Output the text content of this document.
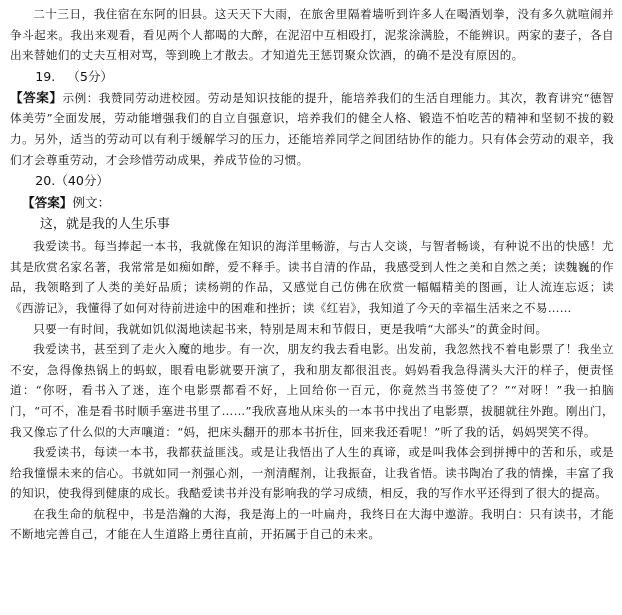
二十三日，我住宿在东阿的旧县。这天天下大雨，在旅舍里隔着墙听到许多人在喝酒划拳，没有多久就喧闹并争斗起来。我出来观看，看见两个人都喝的大醉，在泥沼中互相殴打，泥浆涂满脸，不能辨识。两家的妻子，各自出来替她们的丈夫互相对骂，等到晚上才散去。才知道先王惩罚聚众饮酒，的确不是没有原因的。

19. （5分）

【答案】示例：我赞同劳动进校园。劳动是知识技能的提升，能培养我们的生活自理能力。其次，教育讲究“德智体美劳”全面发展，劳动能增强我们的自立自强意识，培养我们的健全人格、锻造不怕吃苦的精神和坚韧不拔的毅力。另外，适当的劳动可以有利于缓解学习的压力，还能培养同学之间团结协作的能力。只有体会劳动的艰辛，我们才会尊重劳动，才会珍惜劳动成果，养成节俭的习惯。

20.（40分）

【答案】例文：

这，就是我的人生乐事

我爱读书。每当捧起一本书，我就像在知识的海洋里畅游，与古人交谈，与智者畅谈，有种说不出的快感！尤其是欣赏名家名著，我常常是如痴如醉，爱不释手。读书自清的作品，我感受到人性之美和自然之美；读魏巍的作品，我领略到了人类的美好品质；读杨朔的作品，又感觉自己仿佛在欣赏一幅幅精美的图画，让人流连忘返；读《西游记》，我懂得了如何对待前进途中的困难和挫折；读《红岩》，我知道了今天的幸福生活来之不易……

只要一有时间，我就如饥似渴地读起书来，特别是周末和节假日，更是我啃“大部头”的黄金时间。

我爱读书，甚至到了走火入魔的地步。有一次，朋友约我去看电影。出发前，我忽然找不着电影票了！我坐立不安，急得像热锅上的蚂蚁，眼看电影就要开演了，我和朋友都很沮丧。妈妈看我急得满头大汗的样子，便责怪道：“你呀，看书入了迷，连个电影票都看不好，上回给你一百元，你竟然当书签使了？”“对呀！”我一拍脑门，“可不，准是看书时顺手塞进书里了……”我欣喜地从床头的一本书中找出了电影票，拔腿就往外跑。刚出门，我又像忘了什么似的大声嚷道：“妈，把床头翻开的那本书折住，回来我还看呢！”听了我的话，妈妈哭笑不得。

我爱读书，每读一本书，我都获益匪浅。或是让我悟出了人生的真谛，或是叫我体会到拼搏中的苦和乐，或是给我憧憬未来的信心。书就如同一剂强心剂，一剂清醒剂，让我振奋，让我省悟。读书陶冶了我的情操，丰富了我的知识，使我得到健康的成长。我酷爱读书并没有影响我的学习成绩，相反，我的写作水平还得到了很大的提高。

在我生命的航程中，书是浩瀚的大海，我是海上的一叶扁舟，我终日在大海中遨游。我明白：只有读书，才能不断地完善自己，才能在人生道路上勇往直前，开拓属于自己的未来。
